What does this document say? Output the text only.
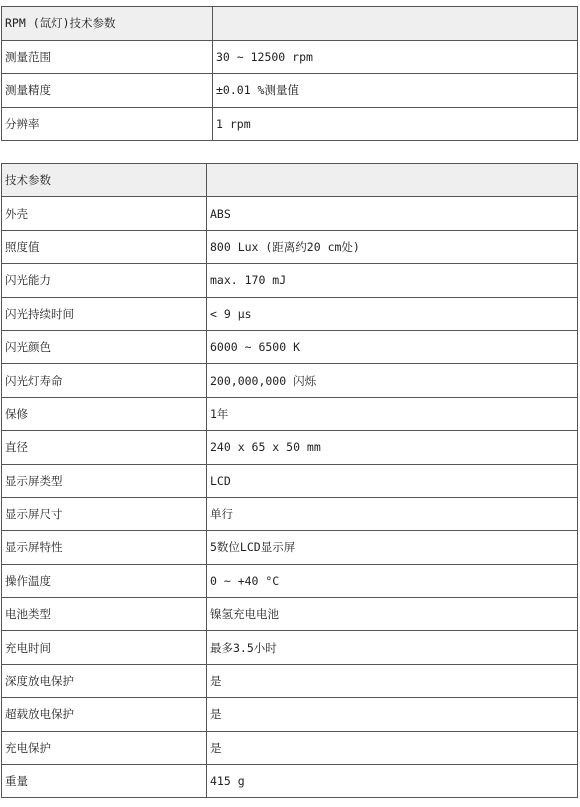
RPM (氙灯)技术参数	
测量范围	30 ~ 12500 rpm
测量精度	±0.01 %测量值
分辨率	1 rpm
技术参数	
外壳	ABS
照度值	800 Lux (距离约20 cm处)
闪光能力	max. 170 mJ
闪光持续时间	< 9 µs
闪光颜色	6000 ~ 6500 K
闪光灯寿命	200,000,000 闪烁
保修	1年
直径	240 x 65 x 50 mm
显示屏类型	LCD
显示屏尺寸	单行
显示屏特性	5数位LCD显示屏
操作温度	0 ~ +40 °C
电池类型	镍氢充电电池
充电时间	最多3.5小时
深度放电保护	是
超载放电保护	是
充电保护	是
重量	415 g
